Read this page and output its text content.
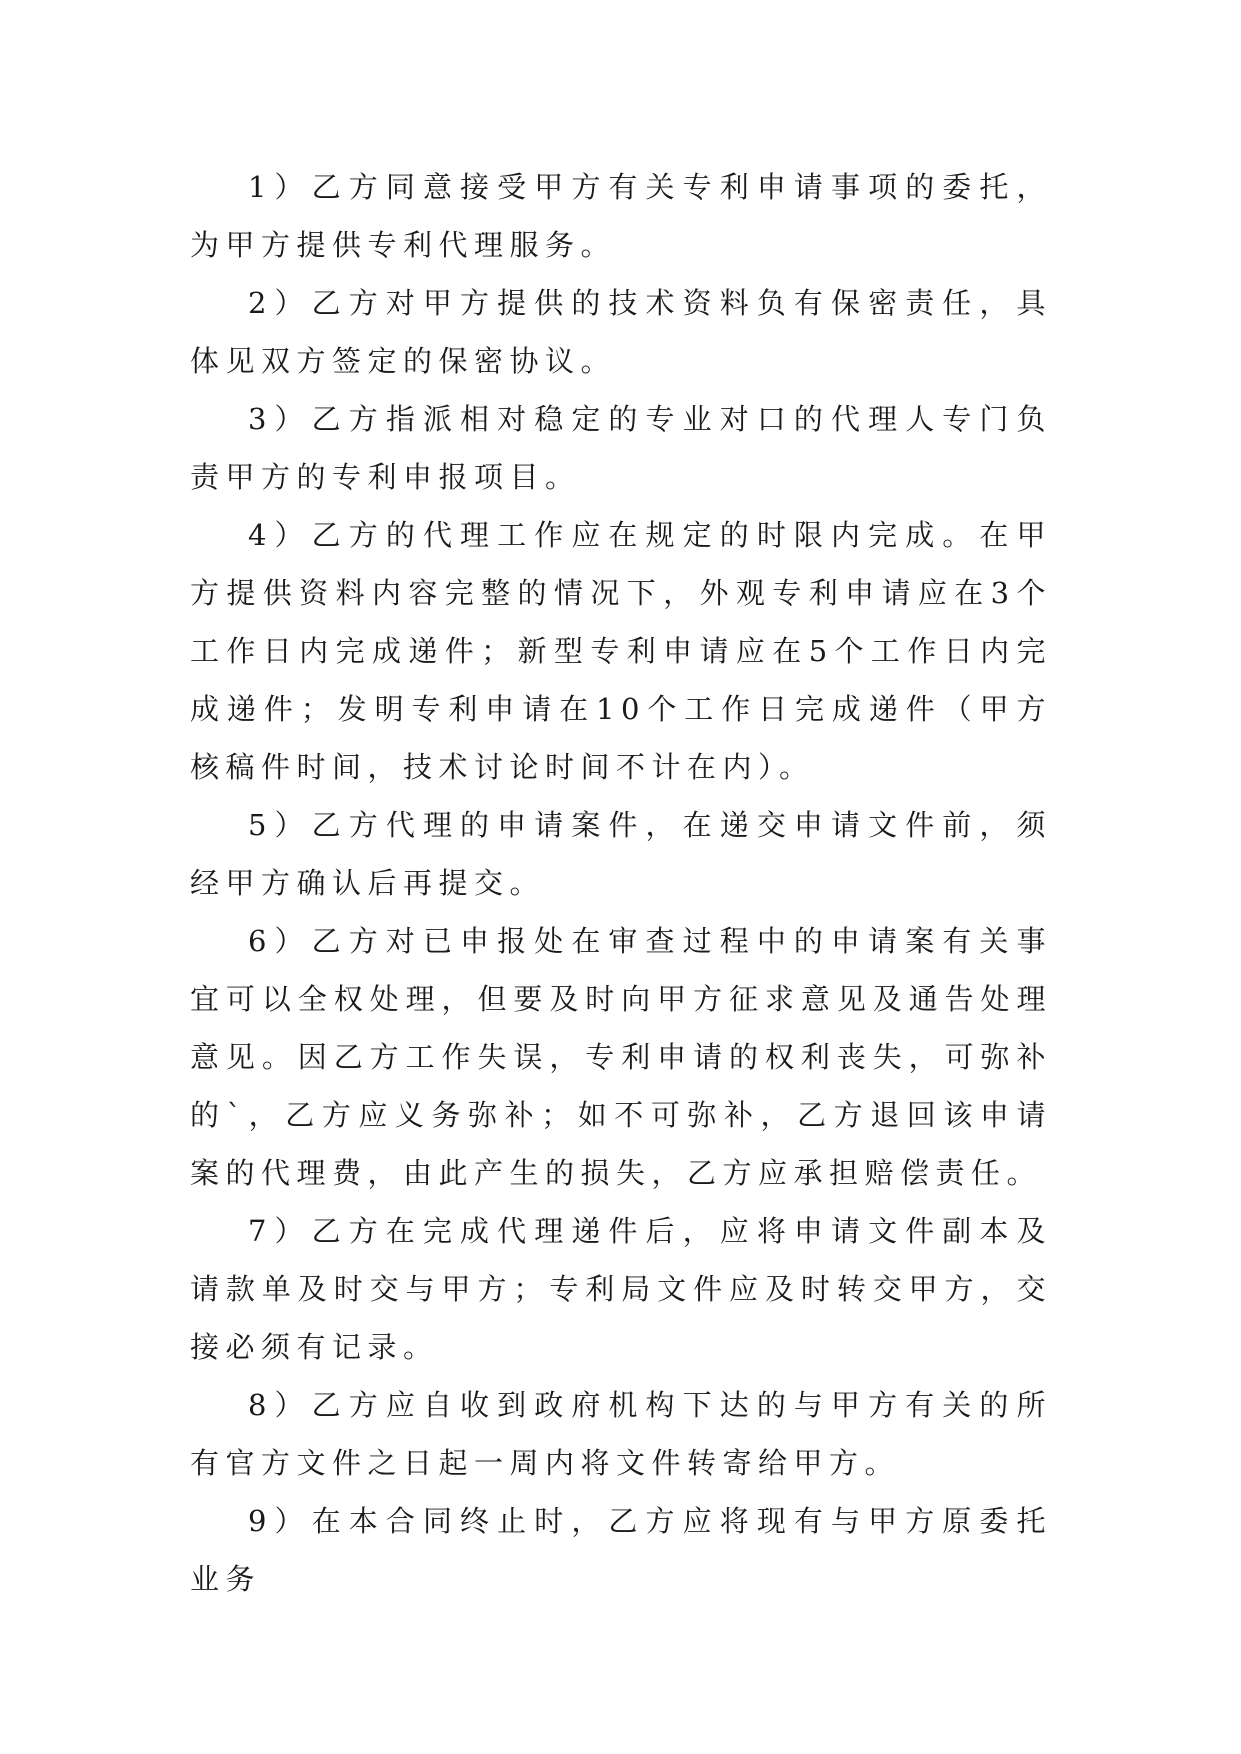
1）乙方同意接受甲方有关专利申请事项的委托，为甲方提供专利代理服务。

2）乙方对甲方提供的技术资料负有保密责任，具体见双方签定的保密协议。

3）乙方指派相对稳定的专业对口的代理人专门负责甲方的专利申报项目。

4）乙方的代理工作应在规定的时限内完成。在甲方提供资料内容完整的情况下，外观专利申请应在3个工作日内完成递件；新型专利申请应在5个工作日内完成递件；发明专利申请在10个工作日完成递件（甲方核稿件时间，技术讨论时间不计在内）。

5）乙方代理的申请案件，在递交申请文件前，须经甲方确认后再提交。

6）乙方对已申报处在审查过程中的申请案有关事宜可以全权处理，但要及时向甲方征求意见及通告处理意见。因乙方工作失误，专利申请的权利丧失，可弥补的`，乙方应义务弥补；如不可弥补，乙方退回该申请案的代理费，由此产生的损失，乙方应承担赔偿责任。

7）乙方在完成代理递件后，应将申请文件副本及请款单及时交与甲方；专利局文件应及时转交甲方，交接必须有记录。

8）乙方应自收到政府机构下达的与甲方有关的所有官方文件之日起一周内将文件转寄给甲方。

9）在本合同终止时，乙方应将现有与甲方原委托业务
